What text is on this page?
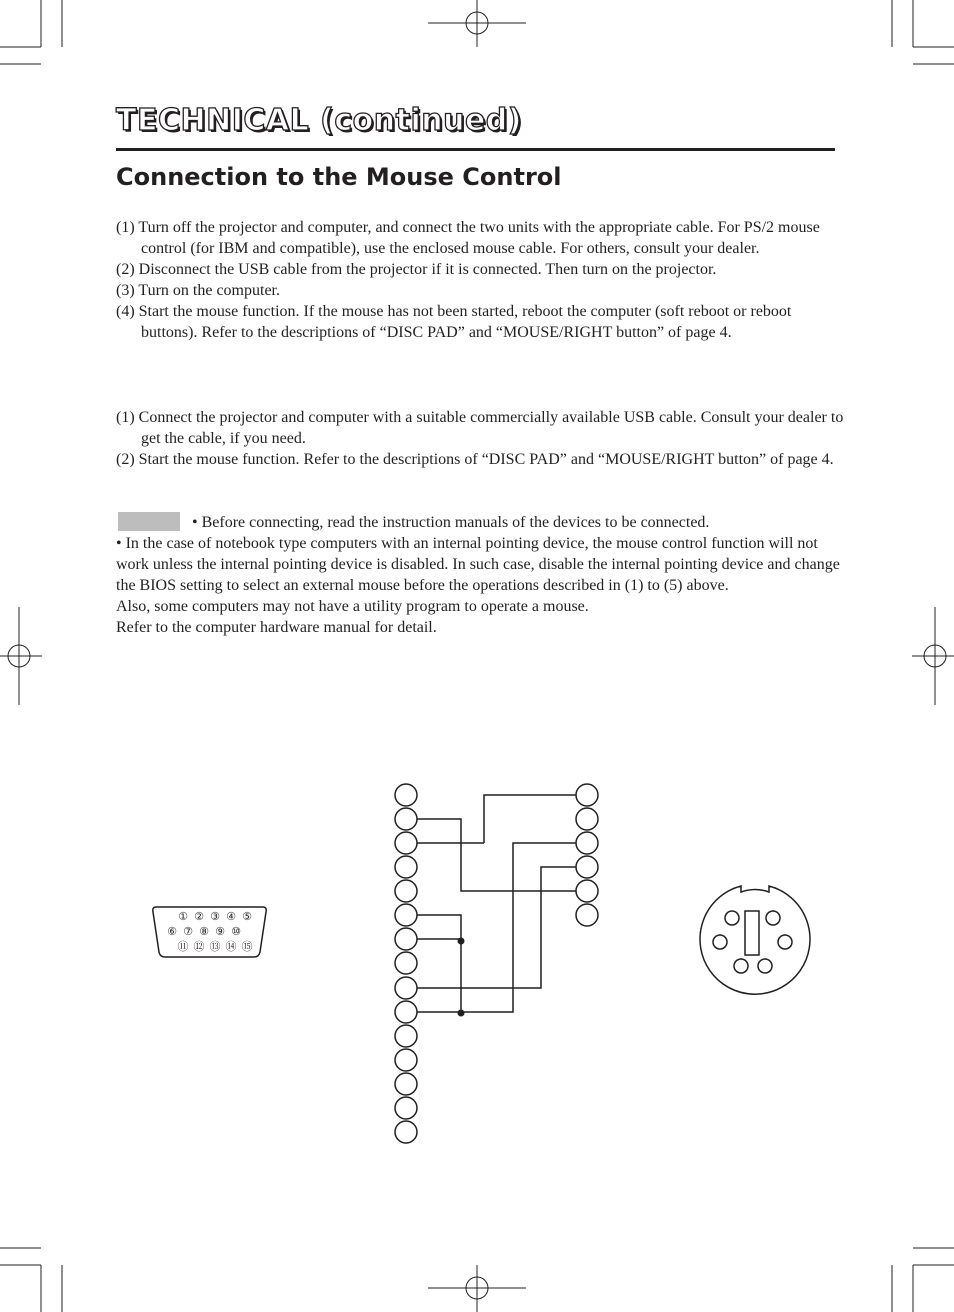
TECHNICAL (continued)
Connection to the Mouse Control
(1) Turn off the projector and computer, and connect the two units with the appropriate cable. For PS/2 mouse control (for IBM and compatible), use the enclosed mouse cable. For others, consult your dealer.
(2) Disconnect the USB cable from the projector if it is connected. Then turn on the projector.
(3) Turn on the computer.
(4) Start the mouse function. If the mouse has not been started, reboot the computer (soft reboot or reboot buttons). Refer to the descriptions of “DISC PAD” and “MOUSE/RIGHT button” of page 4.
(1) Connect the projector and computer with a suitable commercially available USB cable. Consult your dealer to get the cable, if you need.
(2) Start the mouse function. Refer to the descriptions of “DISC PAD” and “MOUSE/RIGHT button” of page 4.

• Before connecting, read the instruction manuals of the devices to be connected.

• In the case of notebook type computers with an internal pointing device, the mouse control function will not work unless the internal pointing device is disabled. In such case, disable the internal pointing device and change the BIOS setting to select an external mouse before the operations described in (1) to (5) above.

Also, some computers may not have a utility program to operate a mouse.

Refer to the computer hardware manual for detail.

① ② ③ ④ ⑤
⑥ ⑦ ⑧ ⑨ ⑩
⑪ ⑫ ⑬ ⑭ ⑮
